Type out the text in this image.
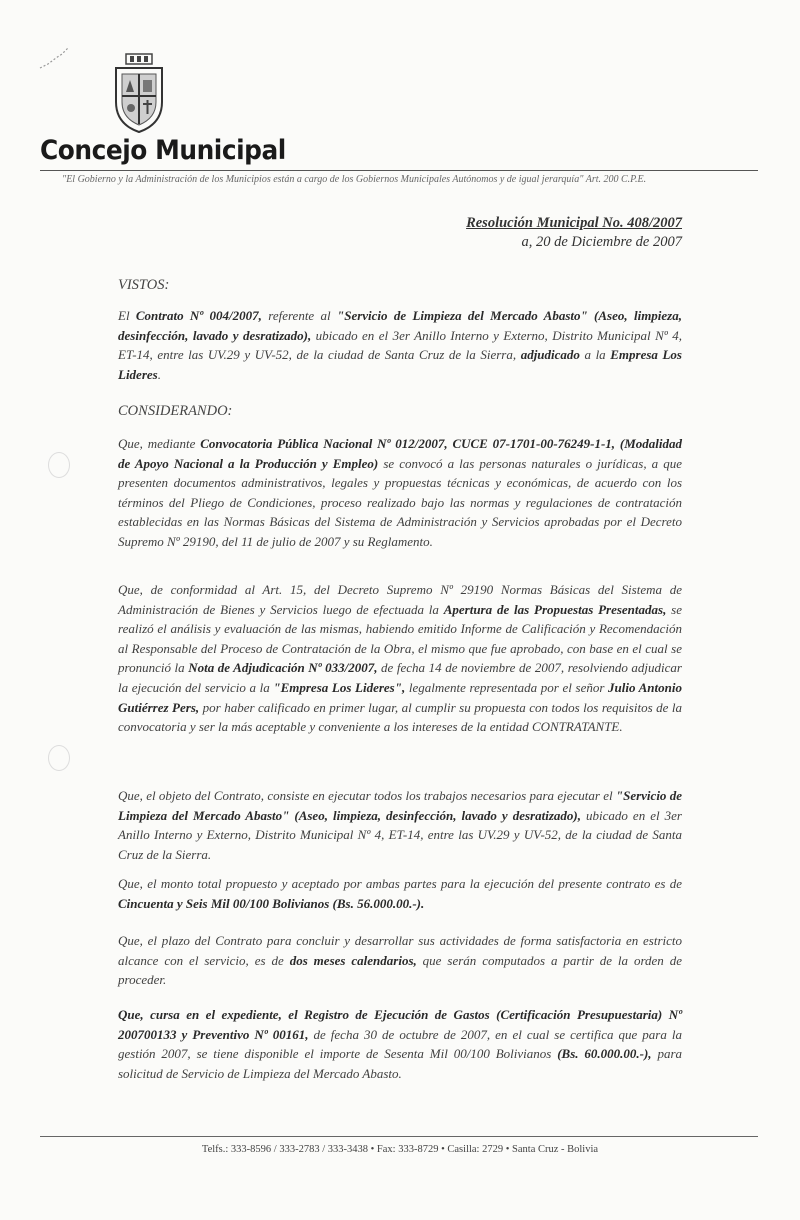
Concejo Municipal
"El Gobierno y la Administración de los Municipios están a cargo de los Gobiernos Municipales Autónomos y de igual jerarquía" Art. 200 C.P.E.
Resolución Municipal No. 408/2007
a, 20 de Diciembre de 2007
VISTOS:
El Contrato Nº 004/2007, referente al "Servicio de Limpieza del Mercado Abasto" (Aseo, limpieza, desinfección, lavado y desratizado), ubicado en el 3er Anillo Interno y Externo, Distrito Municipal Nº 4, ET-14, entre las UV.29 y UV-52, de la ciudad de Santa Cruz de la Sierra, adjudicado a la Empresa Los Lideres.
CONSIDERANDO:
Que, mediante Convocatoria Pública Nacional Nº 012/2007, CUCE 07-1701-00-76249-1-1, (Modalidad de Apoyo Nacional a la Producción y Empleo) se convocó a las personas naturales o jurídicas, a que presenten documentos administrativos, legales y propuestas técnicas y económicas, de acuerdo con los términos del Pliego de Condiciones, proceso realizado bajo las normas y regulaciones de contratación establecidas en las Normas Básicas del Sistema de Administración y Servicios aprobadas por el Decreto Supremo Nº 29190, del 11 de julio de 2007 y su Reglamento.
Que, de conformidad al Art. 15, del Decreto Supremo Nº 29190 Normas Básicas del Sistema de Administración de Bienes y Servicios luego de efectuada la Apertura de las Propuestas Presentadas, se realizó el análisis y evaluación de las mismas, habiendo emitido Informe de Calificación y Recomendación al Responsable del Proceso de Contratación de la Obra, el mismo que fue aprobado, con base en el cual se pronunció la Nota de Adjudicación Nº 033/2007, de fecha 14 de noviembre de 2007, resolviendo adjudicar la ejecución del servicio a la "Empresa Los Lideres", legalmente representada por el señor Julio Antonio Gutiérrez Pers, por haber calificado en primer lugar, al cumplir su propuesta con todos los requisitos de la convocatoria y ser la más aceptable y conveniente a los intereses de la entidad CONTRATANTE.
Que, el objeto del Contrato, consiste en ejecutar todos los trabajos necesarios para ejecutar el "Servicio de Limpieza del Mercado Abasto" (Aseo, limpieza, desinfección, lavado y desratizado), ubicado en el 3er Anillo Interno y Externo, Distrito Municipal Nº 4, ET-14, entre las UV.29 y UV-52, de la ciudad de Santa Cruz de la Sierra.
Que, el monto total propuesto y aceptado por ambas partes para la ejecución del presente contrato es de Cincuenta y Seis Mil 00/100 Bolivianos (Bs. 56.000.00.-).
Que, el plazo del Contrato para concluir y desarrollar sus actividades de forma satisfactoria en estricto alcance con el servicio, es de dos meses calendarios, que serán computados a partir de la orden de proceder.
Que, cursa en el expediente, el Registro de Ejecución de Gastos (Certificación Presupuestaria) Nº 200700133 y Preventivo Nº 00161, de fecha 30 de octubre de 2007, en el cual se certifica que para la gestión 2007, se tiene disponible el importe de Sesenta Mil 00/100 Bolivianos (Bs. 60.000.00.-), para solicitud de Servicio de Limpieza del Mercado Abasto.
Telfs.: 333-8596 / 333-2783 / 333-3438 • Fax: 333-8729 • Casilla: 2729 • Santa Cruz - Bolivia
